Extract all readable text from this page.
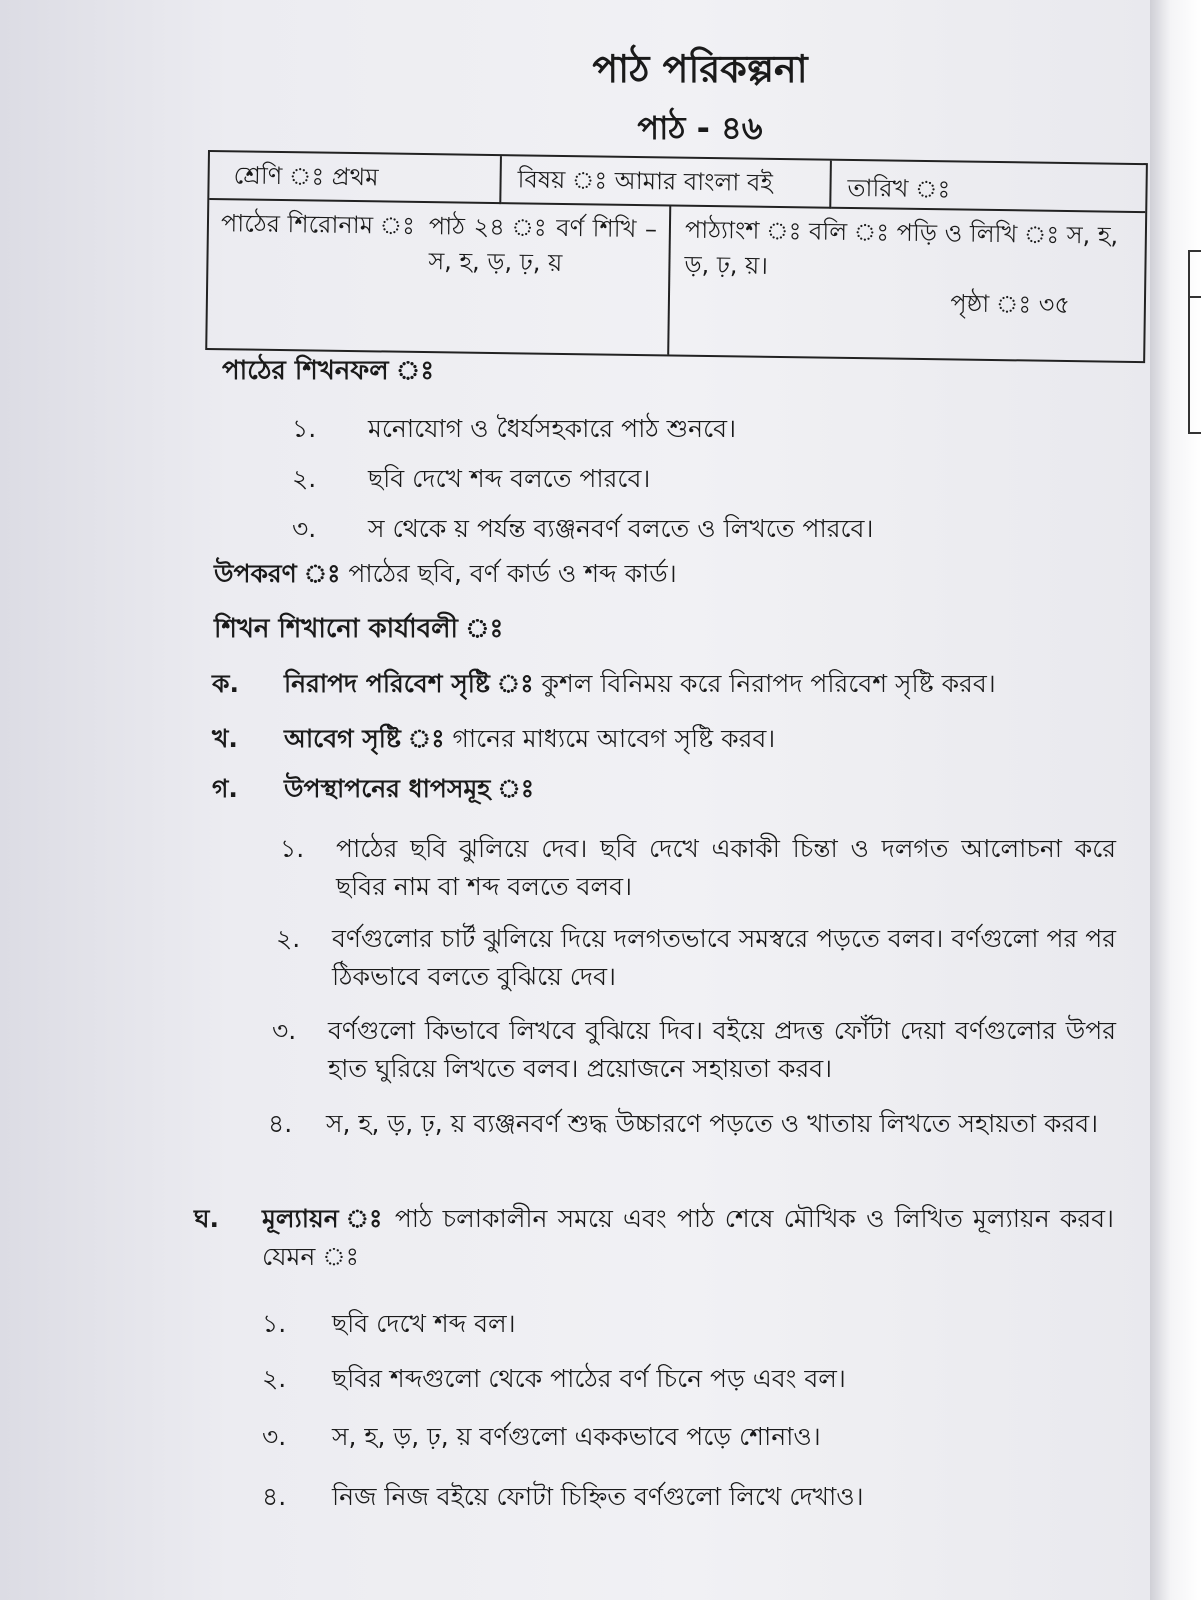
পাঠ পরিকল্পনা
পাঠ - ৪৬
শ্রেণি ঃ প্রথম	বিষয় ঃ আমার বাংলা বই	তারিখ ঃ
পাঠের শিরোনাম ঃ পাঠ ২৪ ঃ বর্ণ শিখি – স, হ, ড়, ঢ়, য়
পাঠ্যাংশ ঃ বলি ঃ পড়ি ও লিখি ঃ স, হ, ড়, ঢ়, য়।
পৃষ্ঠা ঃ ৩৫
পাঠের শিখনফল ঃ
১. মনোযোগ ও ধৈর্যসহকারে পাঠ শুনবে।
২. ছবি দেখে শব্দ বলতে পারবে।
৩. স থেকে য় পর্যন্ত ব্যঞ্জনবর্ণ বলতে ও লিখতে পারবে।
উপকরণ ঃ পাঠের ছবি, বর্ণ কার্ড ও শব্দ কার্ড।
শিখন শিখানো কার্যাবলী ঃ
ক. নিরাপদ পরিবেশ সৃষ্টি ঃ কুশল বিনিময় করে নিরাপদ পরিবেশ সৃষ্টি করব।
খ. আবেগ সৃষ্টি ঃ গানের মাধ্যমে আবেগ সৃষ্টি করব।
গ. উপস্থাপনের ধাপসমূহ ঃ
১. পাঠের ছবি ঝুলিয়ে দেব। ছবি দেখে একাকী চিন্তা ও দলগত আলোচনা করে ছবির নাম বা শব্দ বলতে বলব।
২. বর্ণগুলোর চার্ট ঝুলিয়ে দিয়ে দলগতভাবে সমস্বরে পড়তে বলব। বর্ণগুলো পর পর ঠিকভাবে বলতে বুঝিয়ে দেব।
৩. বর্ণগুলো কিভাবে লিখবে বুঝিয়ে দিব। বইয়ে প্রদত্ত ফোঁটা দেয়া বর্ণগুলোর উপর হাত ঘুরিয়ে লিখতে বলব। প্রয়োজনে সহায়তা করব।
৪. স, হ, ড়, ঢ়, য় ব্যঞ্জনবর্ণ শুদ্ধ উচ্চারণে পড়তে ও খাতায় লিখতে সহায়তা করব।
ঘ. মূল্যায়ন ঃ পাঠ চলাকালীন সময়ে এবং পাঠ শেষে মৌখিক ও লিখিত মূল্যায়ন করব। যেমন ঃ
১. ছবি দেখে শব্দ বল।
২. ছবির শব্দগুলো থেকে পাঠের বর্ণ চিনে পড় এবং বল।
৩. স, হ, ড়, ঢ়, য় বর্ণগুলো এককভাবে পড়ে শোনাও।
৪. নিজ নিজ বইয়ে ফোটা চিহ্নিত বর্ণগুলো লিখে দেখাও।
